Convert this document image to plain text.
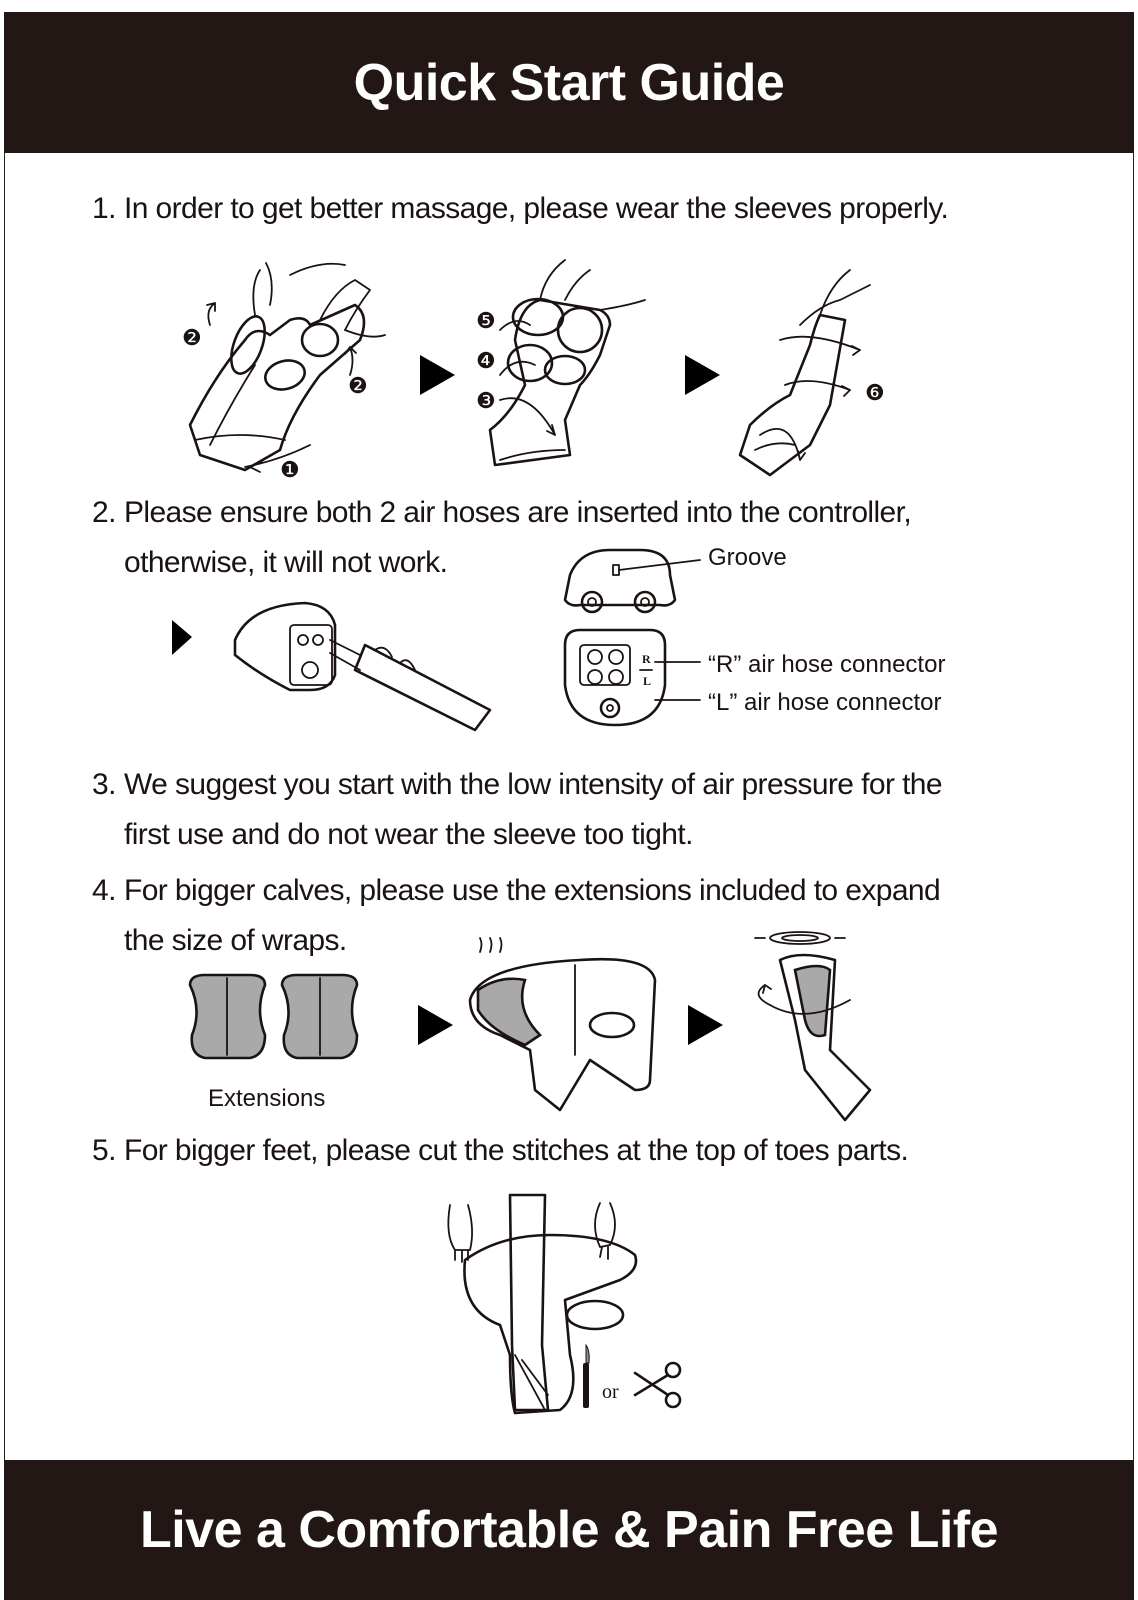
Quick Start Guide
1. In order to get better massage, please wear the sleeves properly.
❷
❷
❶
❺
❹
❸	❻
2. Please ensure both 2 air hoses are inserted into the controller,
otherwise, it will not work.	Groove
R
L
“R” air hose connector
“L” air hose connector
3. We suggest you start with the low intensity of air pressure for the
first use and do not wear the sleeve too tight.
4. For bigger calves, please use the extensions included to expand
the size of wraps.
Extensions
5. For bigger feet, please cut the stitches at the top of toes parts.
or
Live a Comfortable & Pain Free Life
